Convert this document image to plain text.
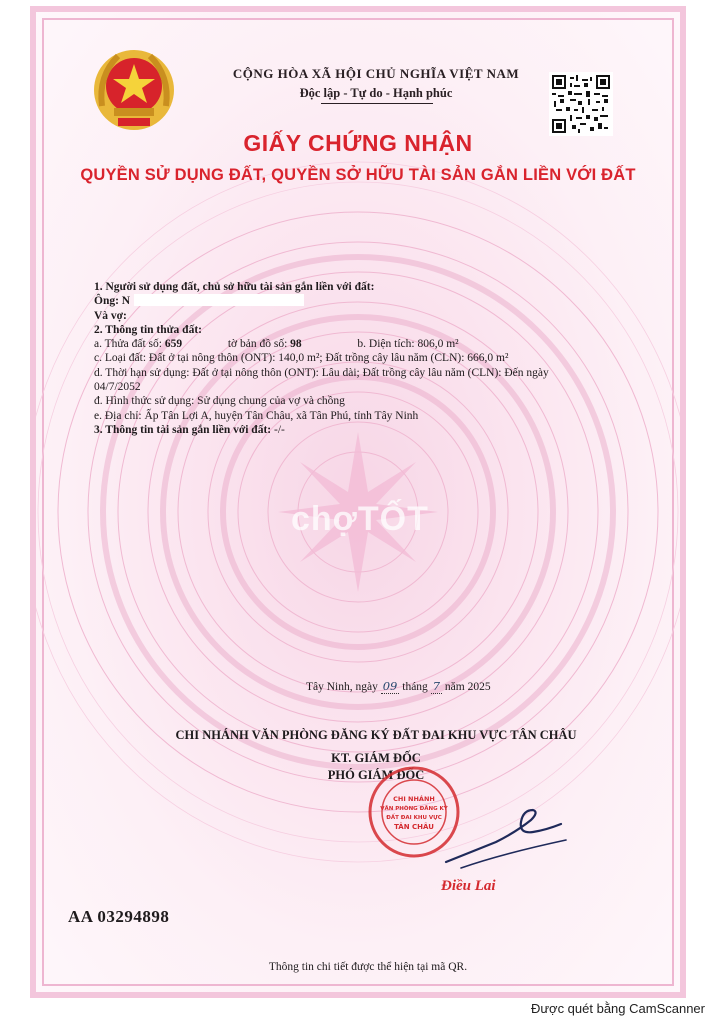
CỘNG HÒA XÃ HỘI CHỦ NGHĨA VIỆT NAM
Độc lập - Tự do - Hạnh phúc
GIẤY CHỨNG NHẬN
QUYỀN SỬ DỤNG ĐẤT, QUYỀN SỞ HỮU TÀI SẢN GẮN LIỀN VỚI ĐẤT
chợTỐT
1. Người sử dụng đất, chủ sở hữu tài sản gắn liền với đất:
Ông: N
Và vợ:
2. Thông tin thửa đất:
a. Thửa đất số: 659	tờ bản đồ số: 98	b. Diện tích: 806,0 m²
c. Loại đất: Đất ở tại nông thôn (ONT): 140,0 m²; Đất trồng cây lâu năm (CLN): 666,0 m²
d. Thời hạn sử dụng: Đất ở tại nông thôn (ONT): Lâu dài; Đất trồng cây lâu năm (CLN): Đến ngày
04/7/2052
đ. Hình thức sử dụng: Sử dụng chung của vợ và chồng
e. Địa chỉ: Ấp Tân Lợi A, huyện Tân Châu, xã Tân Phú, tỉnh Tây Ninh
3. Thông tin tài sản gắn liền với đất: -/-
Tây Ninh, ngày 09 tháng 7 năm 2025
CHI NHÁNH VĂN PHÒNG ĐĂNG KÝ ĐẤT ĐAI KHU VỰC TÂN CHÂU
KT. GIÁM ĐỐC
PHÓ GIÁM ĐỐC
CHI NHÁNH
VĂN PHÒNG ĐĂNG KÝ
ĐẤT ĐAI KHU VỰC
TÂN CHÂU
Điều Lai
AA 03294898
Thông tin chi tiết được thể hiện tại mã QR.
Được quét bằng CamScanner
